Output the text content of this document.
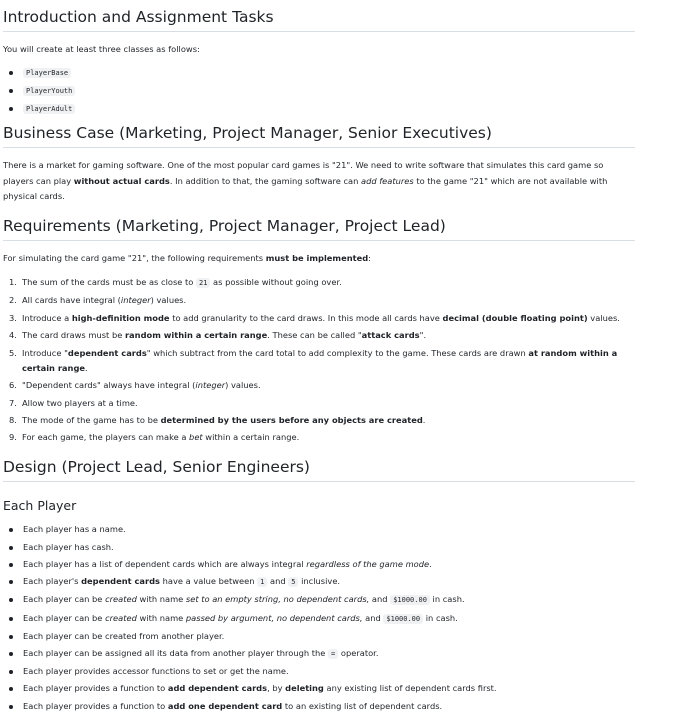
Introduction and Assignment Tasks

You will create at least three classes as follows:

PlayerBase
PlayerYouth
PlayerAdult
Business Case (Marketing, Project Manager, Senior Executives)

There is a market for gaming software. One of the most popular card games is "21". We need to write software that simulates this card game so players can play without actual cards. In addition to that, the gaming software can add features to the game "21" which are not available with physical cards.

Requirements (Marketing, Project Manager, Project Lead)

For simulating the card game "21", the following requirements must be implemented:

1. The sum of the cards must be as close to 21 as possible without going over.
2. All cards have integral (integer) values.
3. Introduce a high-definition mode to add granularity to the card draws. In this mode all cards have decimal (double floating point) values.
4. The card draws must be random within a certain range. These can be called "attack cards".
5. Introduce "dependent cards" which subtract from the card total to add complexity to the game. These cards are drawn at random within a certain range.
6. "Dependent cards" always have integral (integer) values.
7. Allow two players at a time.
8. The mode of the game has to be determined by the users before any objects are created.
9. For each game, the players can make a bet within a certain range.
Design (Project Lead, Senior Engineers)
Each Player
Each player has a name.
Each player has cash.
Each player has a list of dependent cards which are always integral regardless of the game mode.
Each player's dependent cards have a value between 1 and 5 inclusive.
Each player can be created with name set to an empty string, no dependent cards, and $1000.00 in cash.
Each player can be created with name passed by argument, no dependent cards, and $1000.00 in cash.
Each player can be created from another player.
Each player can be assigned all its data from another player through the = operator.
Each player provides accessor functions to set or get the name.
Each player provides a function to add dependent cards, by deleting any existing list of dependent cards first.
Each player provides a function to add one dependent card to an existing list of dependent cards.
